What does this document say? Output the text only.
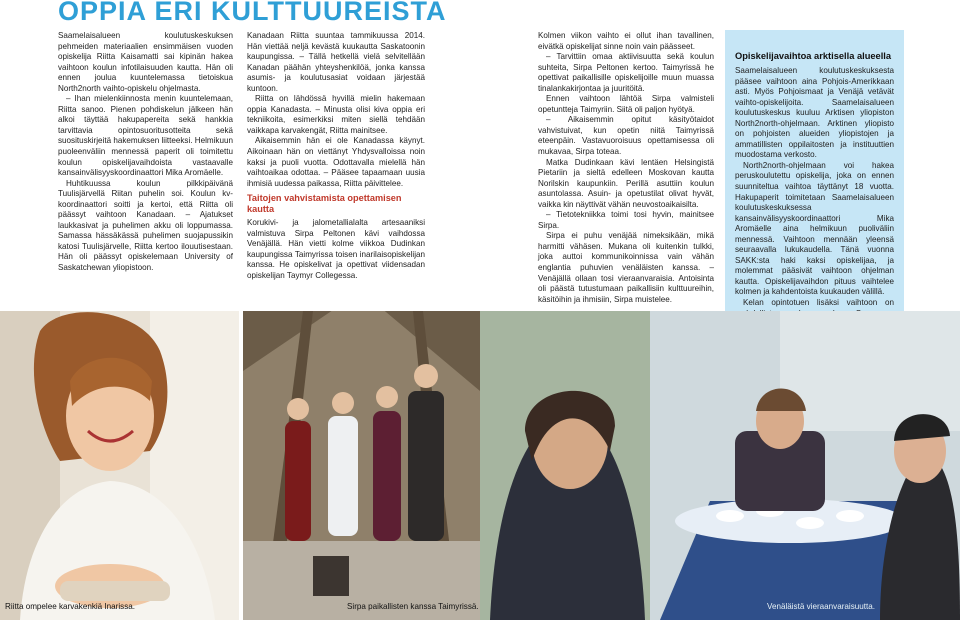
OPPIA ERI KULTTUUREISTA

Saamelaisalueen koulutuskeskuksen pehmeiden materiaalien ensimmäisen vuoden opiskelija Riitta Kaisamatti sai kipinän hakea vaihtoon koulun infotilaisuuden kautta. Hän oli ennen joulua kuuntelemassa tietoiskua North2north vaihto-opiskelu ohjelmasta.

– Ihan mielenkiinnosta menin kuuntelemaan, Riitta sanoo. Pienen pohdiskelun jälkeen hän alkoi täyttää hakupapereita sekä hankkia tarvittavia opintosuoritusotteita sekä suosituskirjeitä hakemuksen liitteeksi. Helmikuun puoleenväliin mennessä paperit oli toimitettu koulun opiskelijavaihdoista vastaavalle kansainvälisyyskoordinaattori Mika Aromäelle.

Huhtikuussa koulun pilkkipäivänä Tuulisjärvellä Riitan puhelin soi. Koulun kv-koordinaattori soitti ja kertoi, että Riitta oli päässyt vaihtoon Kanadaan. – Ajatukset laukkasivat ja puhelimen akku oli loppumassa. Samassa hässäkässä puhelimen suojapussikin katosi Tuulisjärvelle, Riitta kertoo ilouutisestaan. Hän oli päässyt opiskelemaan University of Saskatchewan yliopistoon.

Kanadaan Riitta suuntaa tammikuussa 2014. Hän viettää neljä kevästä kuukautta Saskatoonin kaupungissa. – Tällä hetkellä vielä selvitellään Kanadan päähän yhteyshenkilöä, jonka kanssa asumis- ja koulutusasiat voidaan järjestää kuntoon.

Riitta on lähdössä hyvillä mielin hakemaan oppia Kanadasta. – Minusta olisi kiva oppia eri tekniikoita, esimerkiksi miten siellä tehdään vaikkapa karvakengät, Riitta mainitsee.

Aikaisemmin hän ei ole Kanadassa käynyt. Aikoinaan hän on viettänyt Yhdysvalloissa noin kaksi ja puoli vuotta. Odottavalla mielellä hän vaihtoaikaa odottaa. – Pääsee tapaamaan uusia ihmisiä uudessa paikassa, Riitta päivittelee.

Taitojen vahvistamista opettamisen kautta

Korukivi- ja jalometallialalta artesaaniksi valmistuva Sirpa Peltonen kävi vaihdossa Venäjällä. Hän vietti kolme viikkoa Dudinkan kaupungissa Taimyrissa toisen inarilaisopiskelijan kanssa. He opiskelivat ja opettivat viidensadan opiskelijan Taymyr Collegessa.

Kolmen viikon vaihto ei ollut ihan tavallinen, eivätkä opiskelijat sinne noin vain päässeet.

– Tarvittiin omaa aktiivisuutta sekä koulun suhteita, Sirpa Peltonen kertoo. Taimyrissä he opettivat paikallisille opiskelijoille muun muassa tinalankakirjontaa ja juuritöitä.

Ennen vaihtoon lähtöä Sirpa valmisteli opetuntteja Taimyriin. Siitä oli paljon hyötyä.

– Aikaisemmin opitut käsityötaidot vahvistuivat, kun opetin niitä Taimyrissä eteenpäin. Vastavuoroisuus opettamisessa oli mukavaa, Sirpa toteaa.

Matka Dudinkaan kävi lentäen Helsingistä Pietariin ja sieltä edelleen Moskovan kautta Norilskin kaupunkiin. Perillä asuttiin koulun asuntolassa. Asuin- ja opetustilat olivat hyvät, vaikka kin näyttivät vähän neuvostoaikaisilta.

– Tietotekniikka toimi tosi hyvin, mainitsee Sirpa.

Sirpa ei puhu venäjää nimeksikään, mikä harmitti vähäsen. Mukana oli kuitenkin tulkki, joka auttoi kommunikoinnissa vain vähän englantia puhuvien venäläisten kanssa. – Venäjällä ollaan tosi vieraanvaraisia. Antoisinta oli päästä tutustumaan paikallisiin kulttuureihin, käsitöihin ja ihmisiin, Sirpa muistelee.

Opiskelijavaihtoa arktisella alueella

Saamelaisalueen koulutuskeskuksesta pääsee vaihtoon aina Pohjois-Amerikkaan asti. Myös Pohjoismaat ja Venäjä vetävät vaihto-opiskelijoita. Saamelaisalueen koulutuskeskus kuuluu Arktisen yliopiston North2north-ohjelmaan. Arktinen yliopisto on pohjoisten alueiden yliopistojen ja ammatillisten oppilaitosten ja instituuttien muodostama verkosto.

North2north-ohjelmaan voi hakea peruskoulutettu opiskelija, joka on ennen suunniteltua vaihtoa täyttänyt 18 vuotta. Hakupaperit toimitetaan Saamelaisalueen koulutuskeskuksessa kansainvälisyyskoordinaattori Mika Aromäelle aina helmikuun puoliväliin mennessä. Vaihtoon mennään yleensä seuraavalla lukukaudella. Tänä vuonna SAKK:sta haki kaksi opiskelijaa, ja molemmat pääsivät vaihtoon ohjelman kautta. Opiskelijavaihdon pituus vaihtelee kolmen ja kahdentoista kuukauden välillä.

Kelan opintotuen lisäksi vaihtoon on

Riitta ompelee karvakenkiä Inarissa.	Sirpa paikallisten kanssa Taimyrissä.	Venäläistä vieraanvaraisuutta.
